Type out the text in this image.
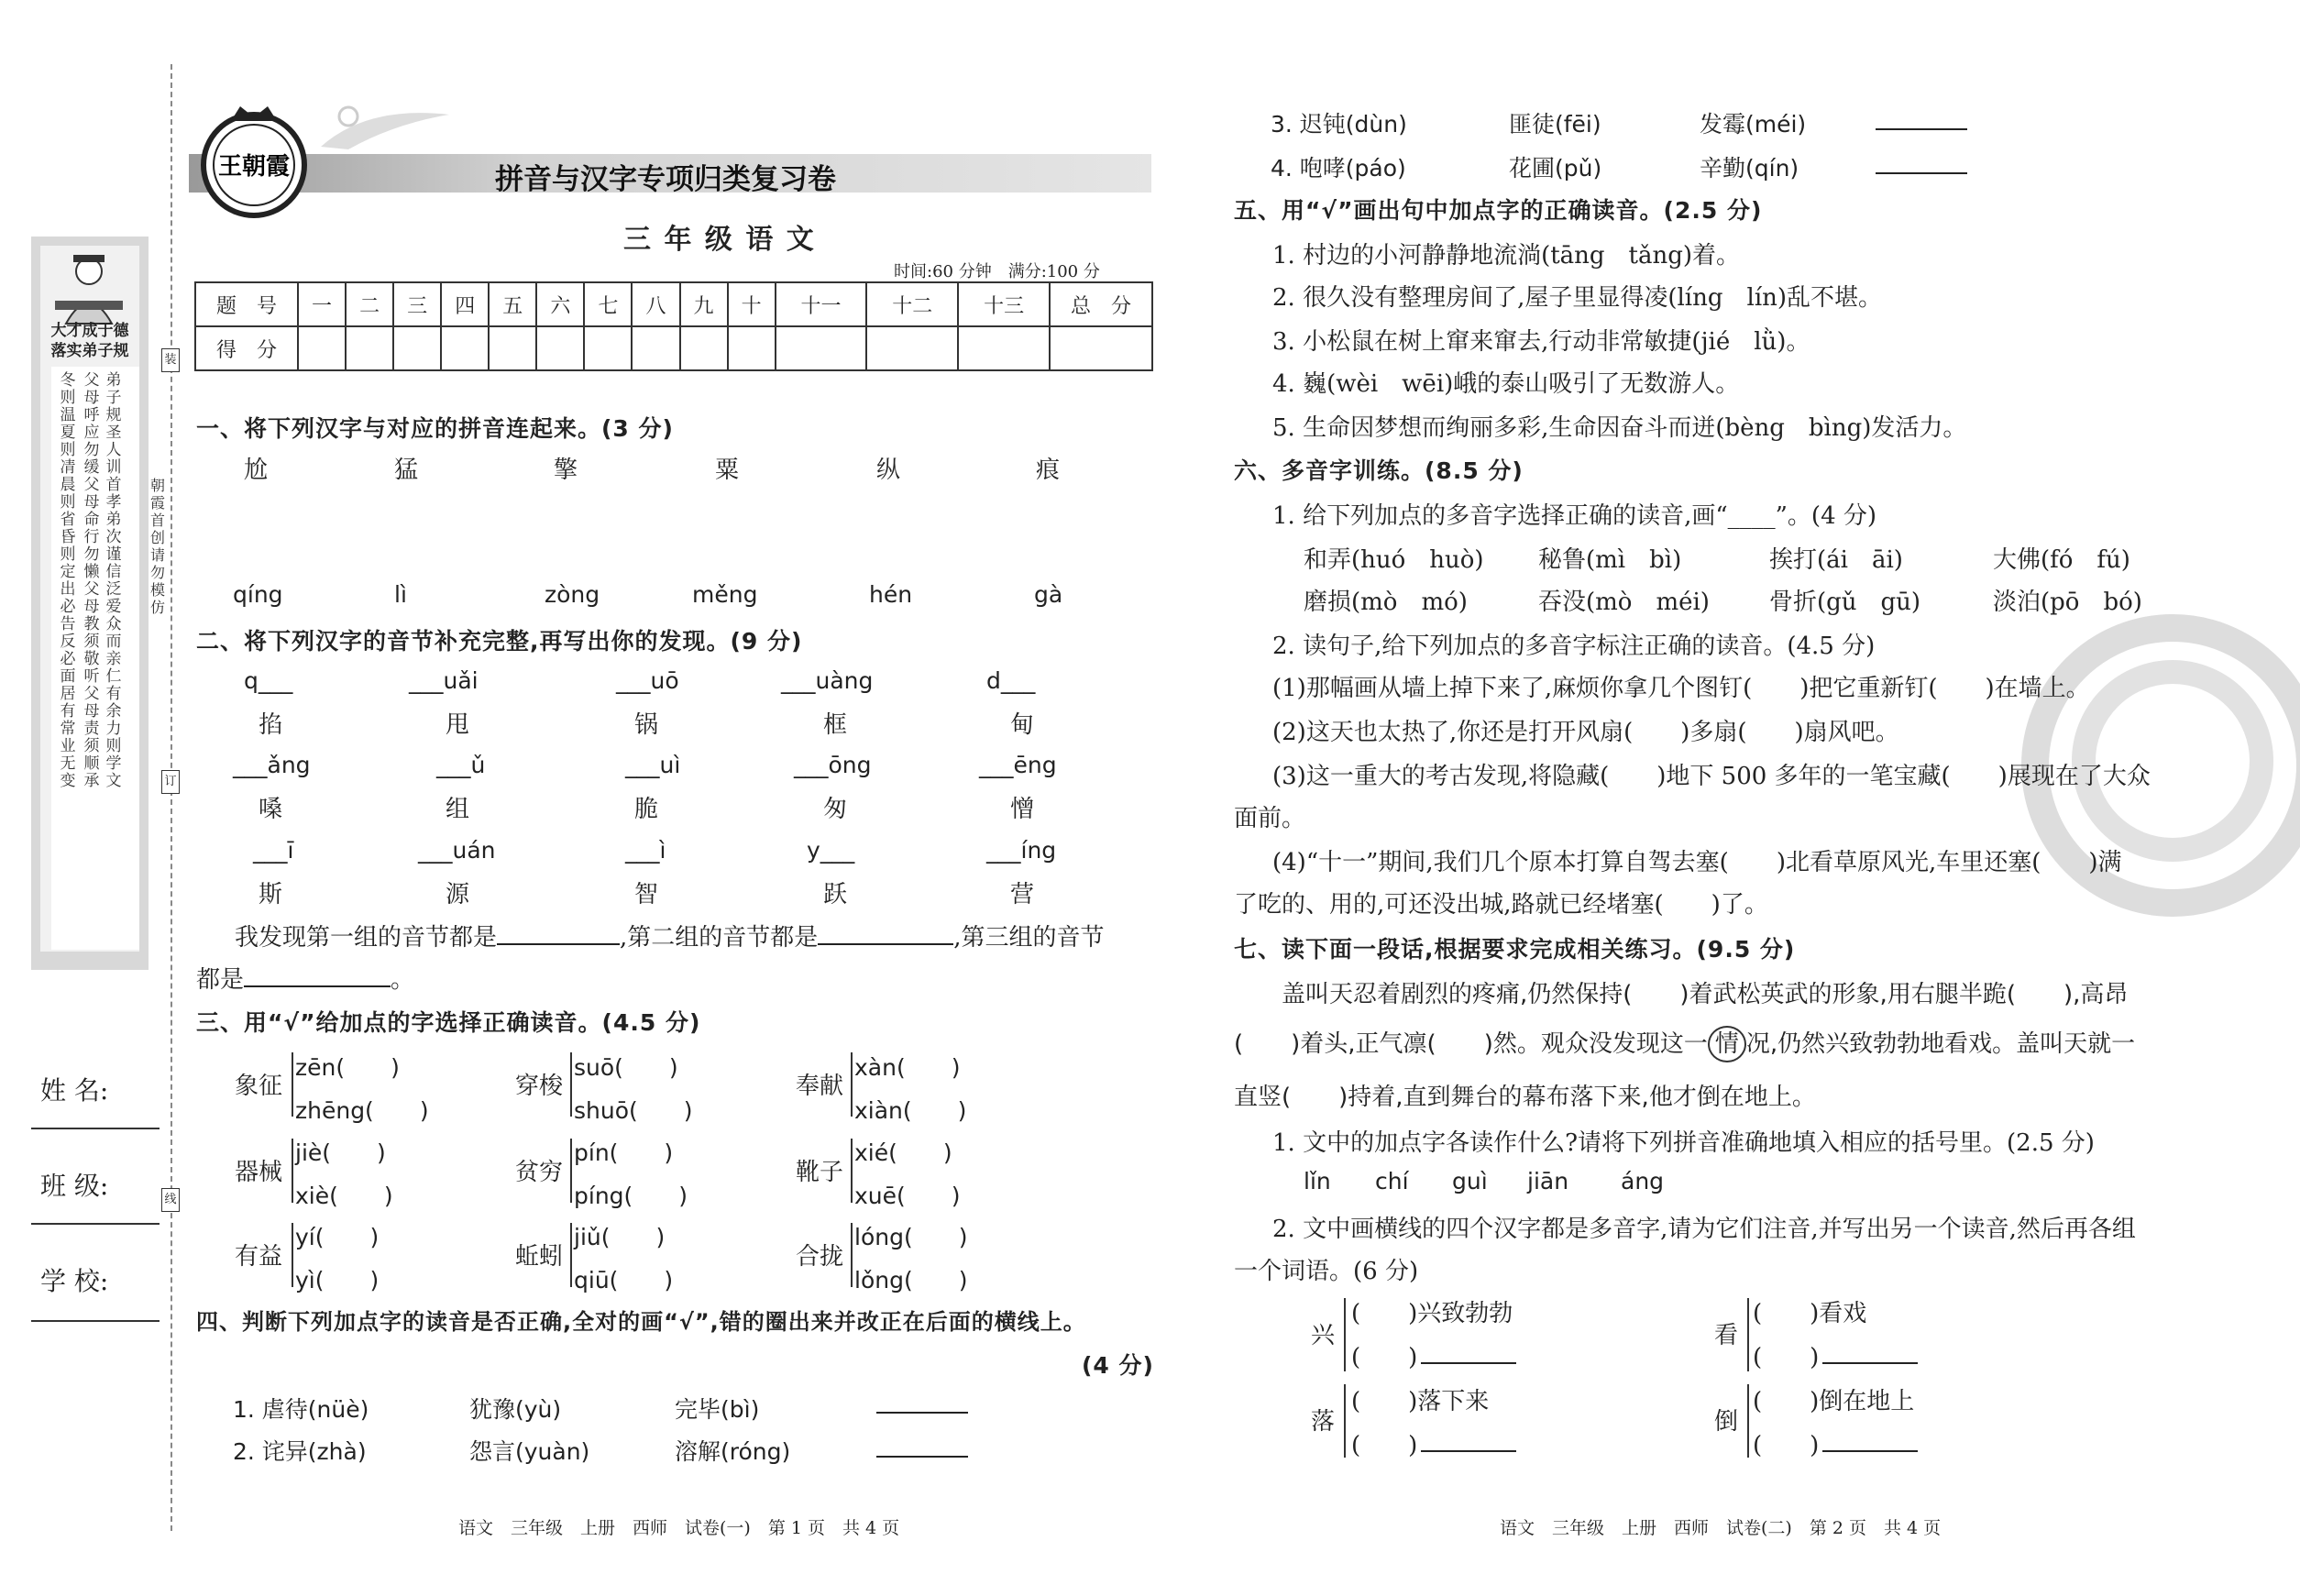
大才成于德
落实弟子规
弟子规圣人训首孝弟次谨信泛爱众而亲仁有余力则学文
父母呼应勿缓父母命行勿懒父母教须敬听父母责须顺承
冬则温夏则凊晨则省昏则定出必告反必面居有常业无变
朝霞首创　请勿模仿
装
订
线
姓 名:
班 级:
学 校:
拼音与汉字专项归类复习卷
王朝霞
三 年 级 语 文
时间:60 分钟　满分:100 分
题　号	一	二	三	四	五	六	七	八	九	十	十一	十二	十三	总　分
得　分														
一、将下列汉字与对应的拼音连起来。(3 分)
尬	猛	擎	粟	纵	痕
qíng	lì	zòng	měng	hén	gà
二、将下列汉字的音节补充完整,再写出你的发现。(9 分)
q___	___uǎi	___uō	___uàng	d___
掐	甩	锅	框	甸
___ǎng	___ǔ	___uì	___ōng	___ēng
嗓	组	脆	匆	憎
___ī	___uán	___ì	y___	___íng
斯	源	智	跃	营
我发现第一组的音节都是	,第二组的音节都是	,第三组的音节
都是	。
三、用“√”给加点的字选择正确读音。(4.5 分)
象征
zēn(　　)
zhēng(　　)
穿梭
suō(　　)
shuō(　　)
奉献
xàn(　　)
xiàn(　　)
器械
jiè(　　)
xiè(　　)
贫穷
pín(　　)
píng(　　)
靴子
xié(　　)
xuē(　　)
有益
yí(　　)
yì(　　)
蚯蚓
jiǔ(　　)
qiū(　　)
合拢
lóng(　　)
lǒng(　　)
四、判断下列加点字的读音是否正确,全对的画“√”,错的圈出来并改正在后面的横线上。
(4 分)
1. 虐待(nüè)	犹豫(yù)	完毕(bì)
2. 诧异(zhà)	怨言(yuàn)	溶解(róng)
语文　三年级　上册　西师　试卷(一)　第 1 页　共 4 页
3. 迟钝(dùn)	匪徒(fēi)	发霉(méi)
4. 咆哮(páo)	花圃(pǔ)	辛勤(qín)
五、用“√”画出句中加点字的正确读音。(2.5 分)
1. 村边的小河静静地流淌(tāng　tǎng)着。
2. 很久没有整理房间了,屋子里显得凌(líng　lín)乱不堪。
3. 小松鼠在树上窜来窜去,行动非常敏捷(jié　lǜ)。
4. 巍(wèi　wēi)峨的泰山吸引了无数游人。
5. 生命因梦想而绚丽多彩,生命因奋斗而迸(bèng　bìng)发活力。
六、多音字训练。(8.5 分)
1. 给下列加点的多音字选择正确的读音,画“____”。(4 分)
和弄(huó　huò) 秘鲁(mì　bì)	挨打(ái　āi)	大佛(fó　fú)
磨损(mò　mó)	吞没(mò　méi)	骨折(gǔ　gū)	淡泊(pō　bó)
2. 读句子,给下列加点的多音字标注正确的读音。(4.5 分)
(1)那幅画从墙上掉下来了,麻烦你拿几个图钉(　　)把它重新钉(　　)在墙上。
(2)这天也太热了,你还是打开风扇(　　)多扇(　　)扇风吧。
(3)这一重大的考古发现,将隐藏(　　)地下 500 多年的一笔宝藏(　　)展现在了大众
面前。
(4)“十一”期间,我们几个原本打算自驾去塞(　　)北看草原风光,车里还塞(　　)满
了吃的、用的,可还没出城,路就已经堵塞(　　)了。
七、读下面一段话,根据要求完成相关练习。(9.5 分)
盖叫天忍着剧烈的疼痛,仍然保持(　　)着武松英武的形象,用右腿半跪(　　),高昂
(　　)着头,正气凛(　　)然。观众没发现这一 情 况,仍然兴致勃勃地看戏。盖叫天就一
直竖(　　)持着,直到舞台的幕布落下来,他才倒在地上。
1. 文中的加点字各读作什么?请将下列拼音准确地填入相应的括号里。(2.5 分)
lǐn chí guì jiān áng
2. 文中画横线的四个汉字都是多音字,请为它们注音,并写出另一个读音,然后再各组
一个词语。(6 分)
兴
(　　)兴致勃勃
(　　)
看
(　　)看戏
(　　)
落
(　　)落下来
(　　)
倒
(　　)倒在地上
(　　)
语文　三年级　上册　西师　试卷(二)　第 2 页　共 4 页
